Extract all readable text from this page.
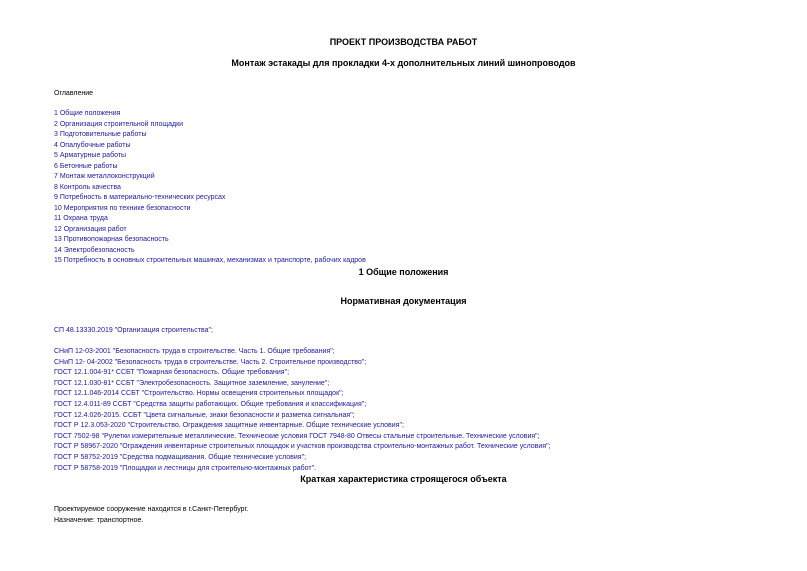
ПРОЕКТ ПРОИЗВОДСТВА РАБОТ
Монтаж эстакады для прокладки 4-х дополнительных линий шинопроводов
Оглавление
1 Общие положения
2 Организация строительной площадки
3 Подготовительные работы
4 Опалубочные работы
5 Арматурные работы
6 Бетонные работы
7 Монтаж металлоконструкций
8 Контроль качества
9 Потребность в материально-технических ресурсах
10 Мероприятия по технике безопасности
11 Охрана труда
12 Организация работ
13 Противопожарная безопасность
14 Электробезопасность
15 Потребность в основных строительных машинах, механизмах и транспорте, рабочих кадров
1 Общие положения
Нормативная документация
СП 48.13330.2019 "Организация строительства";
СНиП 12-03-2001 "Безопасность труда в строительстве. Часть 1. Общие требования";
СНиП 12- 04-2002 "Безопасность труда в строительстве. Часть 2. Строительное производство";
ГОСТ 12.1.004-91* ССБТ "Пожарная безопасность. Общие требования";
ГОСТ 12.1.030-81* ССБТ "Электробезопасность. Защитное заземление, зануление";
ГОСТ 12.1.046-2014 ССБТ "Строительство. Нормы освещения строительных площадок";
ГОСТ 12.4.011-89 ССБТ "Средства защиты работающих. Общие требования и классификация";
ГОСТ 12.4.026-2015. ССБТ "Цвета сигнальные, знаки безопасности и разметка сигнальная";
ГОСТ Р 12.3.053-2020 "Строительство. Ограждения защитные инвентарные. Общие технические условия";
ГОСТ 7502-98 "Рулетки измерительные металлические. Технические условия ГОСТ 7948-80 Отвесы стальные строительные. Технические условия";
ГОСТ Р 58967-2020 "Ограждения инвентарные строительных площадок и участков производства строительно-монтажных работ. Технические условия";
ГОСТ Р 58752-2019 "Средства подмащивания. Общие технические условия";
ГОСТ Р 58758-2019 "Площадки и лестницы для строительно-монтажных работ".
Краткая характеристика строящегося объекта
Проектируемое сооружение находится в г.Санкт-Петербург.
Назначение: транспортное.
